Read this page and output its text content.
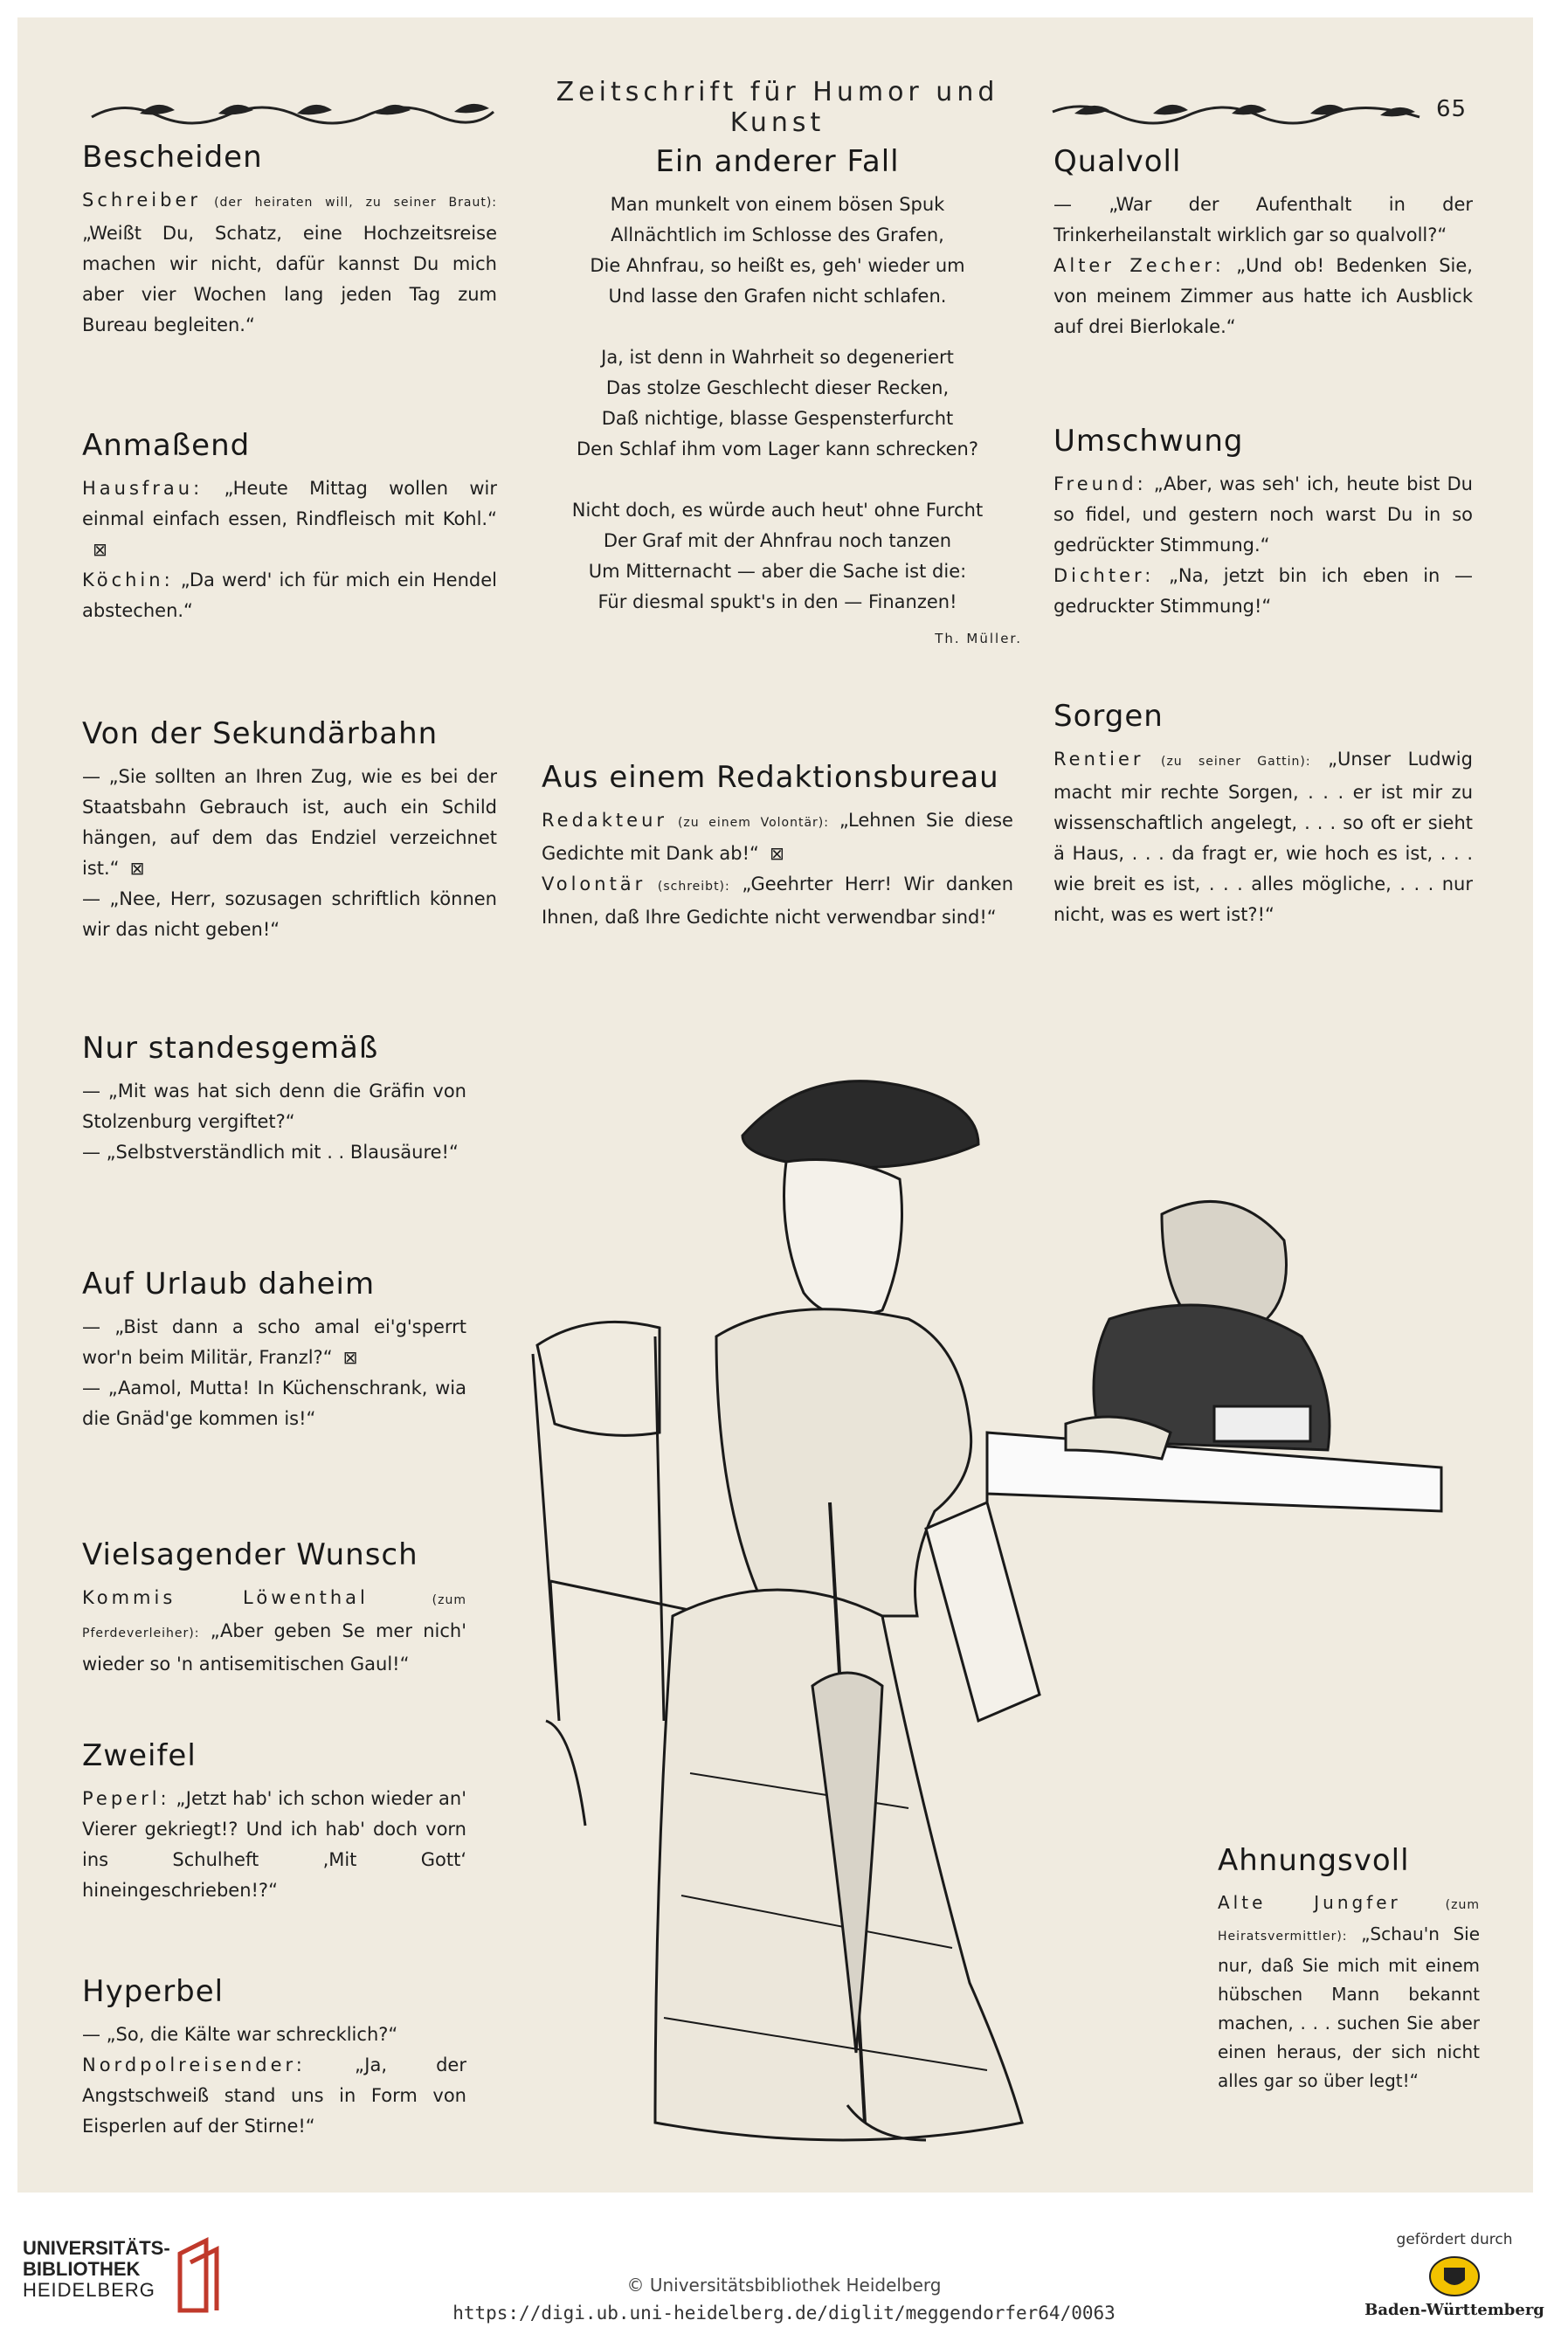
Zeitschrift für Humor und Kunst	65
Bescheiden

Schreiber (der heiraten will, zu seiner Braut): „Weißt Du, Schatz, eine Hochzeitsreise machen wir nicht, dafür kannst Du mich aber vier Wochen lang jeden Tag zum Bureau begleiten.“

Anmaßend

Hausfrau: „Heute Mittag wollen wir einmal einfach essen, Rindfleisch mit Kohl.“⊠
Köchin: „Da werd' ich für mich ein Hendel abstechen.“

Von der Sekundärbahn

— „Sie sollten an Ihren Zug, wie es bei der Staatsbahn Gebrauch ist, auch ein Schild hängen, auf dem das Endziel verzeichnet ist.“ ⊠
— „Nee, Herr, sozusagen schriftlich können wir das nicht geben!“

Nur standesgemäß

— „Mit was hat sich denn die Gräfin von Stolzenburg vergiftet?“
— „Selbstverständlich mit . . Blausäure!“

Auf Urlaub daheim

— „Bist dann a scho amal ei'g'sperrt wor'n beim Militär, Franzl?“ ⊠
— „Aamol, Mutta! In Küchenschrank, wia die Gnäd'ge kommen is!“

Vielsagender Wunsch

Kommis Löwenthal	(zum Pferdeverleiher): „Aber geben Se mer nich' wieder so 'n antisemitischen Gaul!“

Zweifel

Peperl: „Jetzt hab' ich schon wieder an' Vierer gekriegt!? Und ich hab' doch vorn ins Schulheft ‚Mit Gott‘ hineingeschrieben!?“

Hyperbel

— „So, die Kälte war schrecklich?“
Nordpolreisender:	„Ja, der Angstschweiß stand uns in Form von Eisperlen auf der Stirne!“

Ein anderer Fall
Man munkelt von einem bösen Spuk
Allnächtlich im Schlosse des Grafen,
Die Ahnfrau, so heißt es, geh' wieder um
Und lasse den Grafen nicht schlafen.
Ja, ist denn in Wahrheit so degeneriert
Das stolze Geschlecht dieser Recken,
Daß nichtige, blasse Gespensterfurcht
Den Schlaf ihm vom Lager kann schrecken?
Nicht doch, es würde auch heut' ohne Furcht
Der Graf mit der Ahnfrau noch tanzen
Um Mitternacht — aber die Sache ist die:
Für diesmal spukt's in den — Finanzen!
Th. Müller.
Aus einem Redaktionsbureau

Redakteur (zu einem Volontär): „Lehnen Sie diese Gedichte mit Dank ab!“ ⊠
Volontär (schreibt): „Geehrter Herr! Wir danken Ihnen, daß Ihre Gedichte nicht verwendbar sind!“

Qualvoll

— „War der Aufenthalt in der Trinkerheilanstalt wirklich gar so qualvoll?“
Alter Zecher: „Und ob! Bedenken Sie, von meinem Zimmer aus hatte ich Ausblick auf drei Bierlokale.“

Umschwung

Freund: „Aber, was seh' ich, heute bist Du so fidel, und gestern noch warst Du in so gedrückter Stimmung.“
Dichter: „Na, jetzt bin ich eben in — gedruckter Stimmung!“

Sorgen

Rentier (zu seiner Gattin): „Unser Ludwig macht mir rechte Sorgen, . . . er ist mir zu wissenschaftlich angelegt, . . . so oft er sieht ä Haus, . . . da fragt er, wie hoch es ist, . . . wie breit es ist, . . . alles mögliche, . . . nur nicht, was es wert ist?!“

Ahnungsvoll

Alte Jungfer	(zum Heiratsvermittler): „Schau'n Sie nur, daß Sie mich mit einem hübschen Mann bekannt machen, . . . suchen Sie aber einen heraus, der sich nicht alles gar so über legt!“

UNIVERSITÄTS-
BIBLIOTHEK
HEIDELBERG	© Universitätsbibliothek Heidelberg
https://digi.ub.uni-heidelberg.de/diglit/meggendorfer64/0063
gefördert durch
Baden-Württemberg
